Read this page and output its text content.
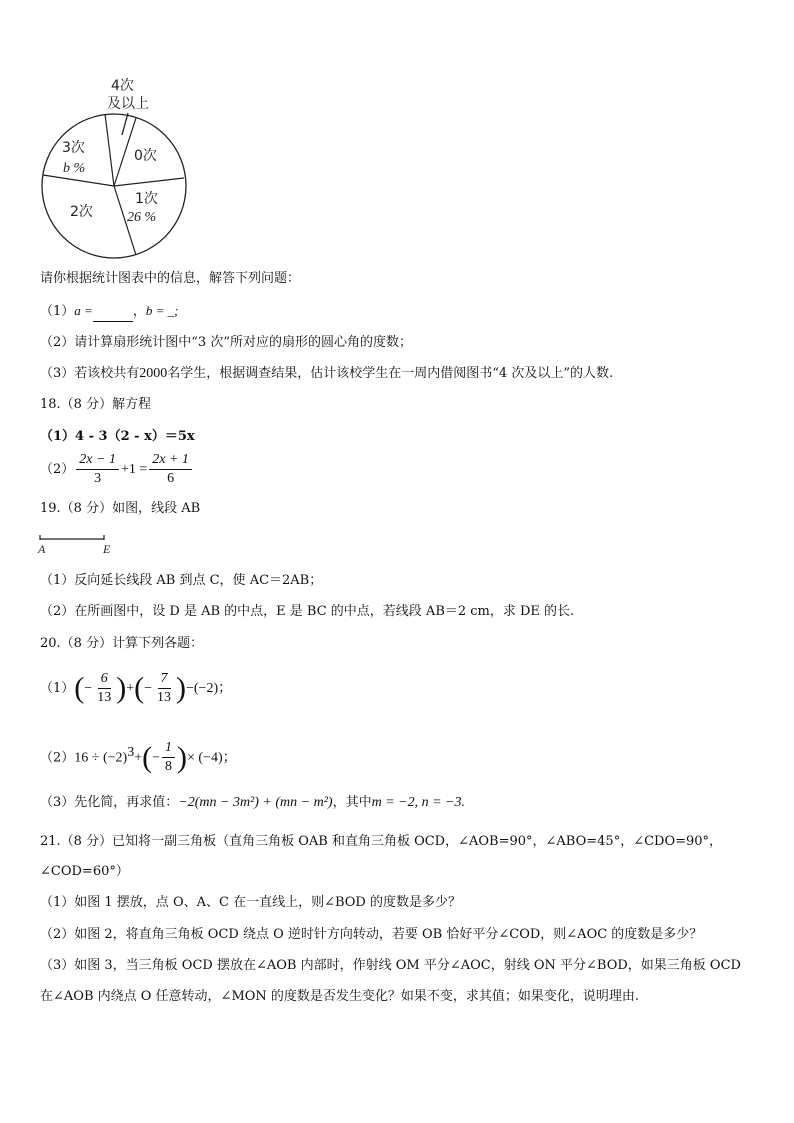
4次
及以上
0次
3次
b %
1次
26 %
2次
请你根据统计图表中的信息，解答下列问题：
（1）a =	，b = _;
（2）请计算扇形统计图中“3 次”所对应的扇形的圆心角的度数；
（3）若该校共有2000名学生，根据调查结果，估计该校学生在一周内借阅图书“4 次及以上”的人数.
18.（8 分）解方程
（1）4 - 3（2 - x）＝5x
$(2) \frac{2x - 1}{3} +1 = \frac{2x + 1}{6}$
19.（8 分）如图，线段 AB
A	E
（1）反向延长线段 AB 到点 C，使 AC＝2AB；
（2）在所画图中，设 D 是 AB 的中点，E 是 BC 的中点，若线段 AB＝2 cm，求 DE 的长.
20.（8 分）计算下列各题：
$(1)(- \frac{6}{13}$ )+(− $\frac{7}{13} )-(-2)$；
$(2)16 \div (-2)^3+(- \frac{1}{8}$ )× (−4)；
（3）先化简，再求值：−2(mn − 3m²) + (mn − m²)，其中m = −2, n = −3.
21.（8 分）已知将一副三角板（直角三角板 OAB 和直角三角板 OCD，∠AOB=90°，∠ABO=45°，∠CDO=90°，
∠COD=60°）
（1）如图 1 摆放，点 O、A、C 在一直线上，则∠BOD 的度数是多少？
（2）如图 2，将直角三角板 OCD 绕点 O 逆时针方向转动，若要 OB 恰好平分∠COD，则∠AOC 的度数是多少？
（3）如图 3，当三角板 OCD 摆放在∠AOB 内部时，作射线 OM 平分∠AOC，射线 ON 平分∠BOD，如果三角板 OCD
在∠AOB 内绕点 O 任意转动，∠MON 的度数是否发生变化？如果不变，求其值；如果变化，说明理由.
